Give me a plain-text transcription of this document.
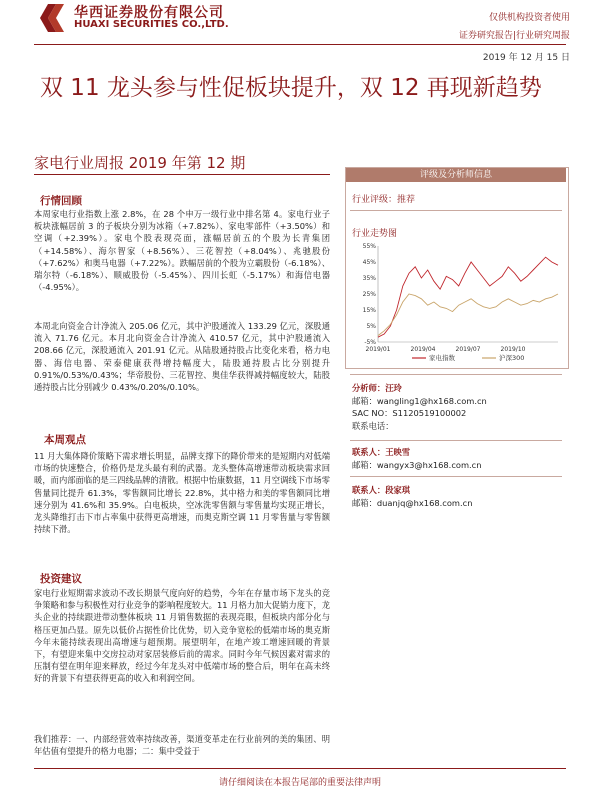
华西证券股份有限公司
HUAXI SECURITIES CO.,LTD.
仅供机构投资者使用
证券研究报告|行业研究周报
2019 年 12 月 15 日
双 11 龙头参与性促板块提升，双 12 再现新趋势
家电行业周报 2019 年第 12 期
行情回顾
本周家电行业指数上涨 2.8%，在 28 个申万一级行业中排名第 4。家电行业子板块涨幅居前 3 的子板块分别为冰箱（+7.82%）、家电零部件（+3.50%）和空调（+2.39%）。家电个股表现亮面，涨幅居前五的个股为长青集团（+14.58%）、海尔智家（+8.56%）、三花智控（+8.04%）、兆驰股份（+7.62%）和奥马电器（+7.22%）。跌幅居前的个股为立霸股份（-6.18%）、瑞尔特（-6.18%）、顺威股份（-5.45%）、四川长虹（-5.17%）和海信电器（-4.95%）。
本周北向资金合计净流入 205.06 亿元，其中沪股通流入 133.29 亿元，深股通流入 71.76 亿元。本月北向资金合计净流入 410.57 亿元，其中沪股通流入 208.66 亿元，深股通流入 201.91 亿元。从陆股通持股占比变化来看，格力电器、海信电器、荣泰健康获得增持幅度大，陆股通持股占比分别提升 0.91%/0.53%/0.43%；华帝股份、三花智控、奥佳华获得减持幅度较大，陆股通持股占比分别减少 0.43%/0.20%/0.10%。
本周观点
11 月大集体降价策略下需求增长明显，品牌支撑下的降价带来的是短期内对低端市场的快速整合，价格仍是龙头最有利的武器。龙头整体高增速带动板块需求回暖，而内部面临的是三四线品牌的清散。根据中怡康数据，11 月空调线下市场零售量同比提升 61.3%，零售额同比增长 22.8%，其中格力和美的零售额同比增速分别为 41.6%和 35.9%。白电板块，空冰洗零售额与零售量均实现正增长，龙头降维打击下市占率集中获得更高增速，而奥克斯空调 11 月零售量与零售额持续下滑。
投资建议
家电行业短期需求波动不改长期景气度向好的趋势，今年在存量市场下龙头的竞争策略和参与积极性对行业竞争的影响程度较大。11 月格力加大促销力度下，龙头企业的持续跟进带动整体板块 11 月销售数据的表现亮眼，但板块内部分化与格压更加凸显。原先以低价占据性价比优势，切入竞争宽松的低端市场的奥克斯今年未能持续表现出高增速与超预期。展望明年，在地产竣工增速回暖的背景下，有望迎来集中交房拉动对家居装修后前的需求。同时今年气候因素对需求的压制有望在明年迎来释放，经过今年龙头对中低端市场的整合后，明年在高未终好的背景下有望获得更高的收入和利润空间。
我们推荐：一、内部经营效率持续改善，渠道变革走在行业前列的美的集团、明年估值有望提升的格力电器；二：集中受益于
评级及分析师信息
行业评级：推荐
行业走势图
-5%
5%
15%
25%
35%
45%
55%
2019/01	2019/04	2019/07	2019/10
家电指数	沪深300
分析师：汪玲
邮箱：wangling1@hx168.com.cn
SAC NO：S1120519100002
联系电话：
联系人：王映雪
邮箱：wangyx3@hx168.com.cn
联系人：段家琪
邮箱：duanjq@hx168.com.cn
请仔细阅读在本报告尾部的重要法律声明
